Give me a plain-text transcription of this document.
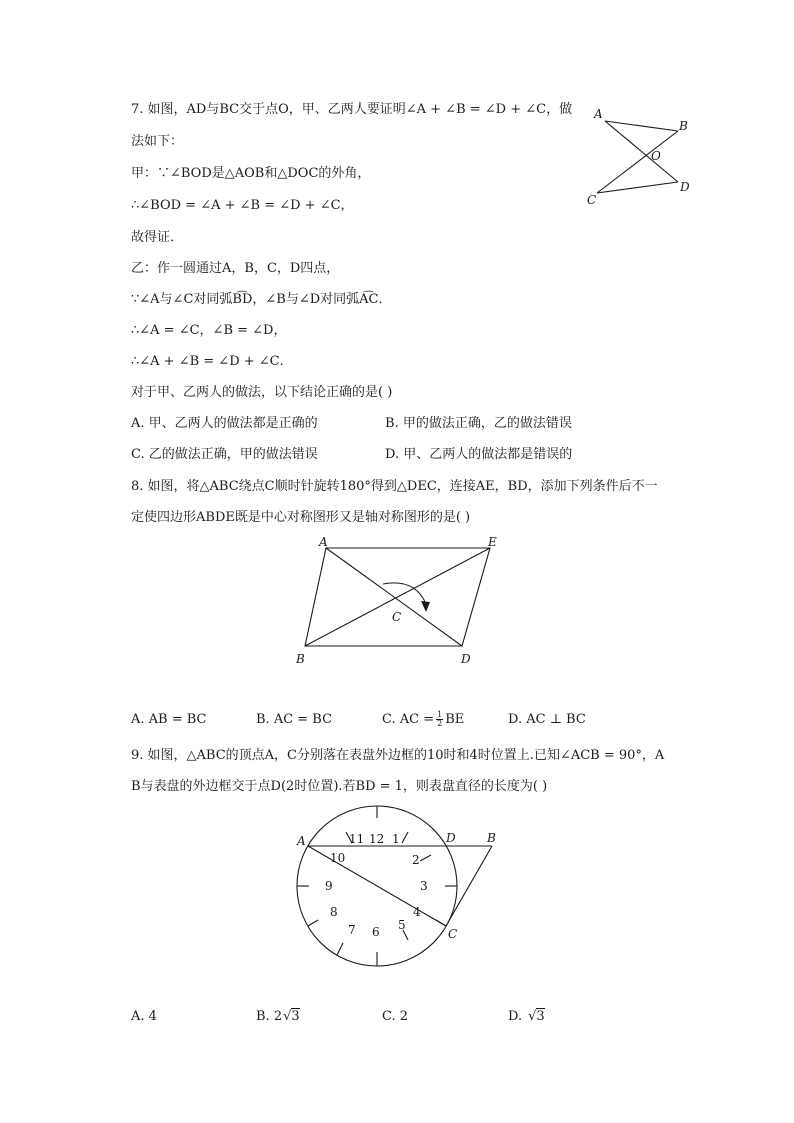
7. 如图，AD与BC交于点O，甲、乙两人要证明∠A + ∠B = ∠D + ∠C，做
法如下：
甲：∵∠BOD是△AOB和△DOC的外角，
∴∠BOD = ∠A + ∠B = ∠D + ∠C，
故得证．
乙：作一圆通过A，B，C，D四点，
∵∠A与∠C对同弧B͡D，∠B与∠D对同弧A͡C．
∴∠A = ∠C，∠B = ∠D，
∴∠A + ∠B = ∠D + ∠C．
对于甲、乙两人的做法，以下结论正确的是( )
A. 甲、乙两人的做法都是正确的	B. 甲的做法正确，乙的做法错误
C. 乙的做法正确，甲的做法错误	D. 甲、乙两人的做法都是错误的
A
B
O
C
D
8. 如图，将△ABC绕点C顺时针旋转180°得到△DEC，连接AE，BD，添加下列条件后不一
定使四边形ABDE既是中心对称图形又是轴对称图形的是( )
A	E
C
B	D
A. AB = BC	B. AC = BC	C. AC = $\frac{1}{2}$ BE	D. AC ⊥ BC
9. 如图，△ABC的顶点A，C分别落在表盘外边框的10时和4时位置上.已知∠ACB = 90°，A
B与表盘的外边框交于点D(2时位置).若BD = 1，则表盘直径的长度为( )
1
2
3
4
5
6
7
8
9
10
11 12
A	D	B
C
A. 4	B. 2√3	C. 2	D. √3
